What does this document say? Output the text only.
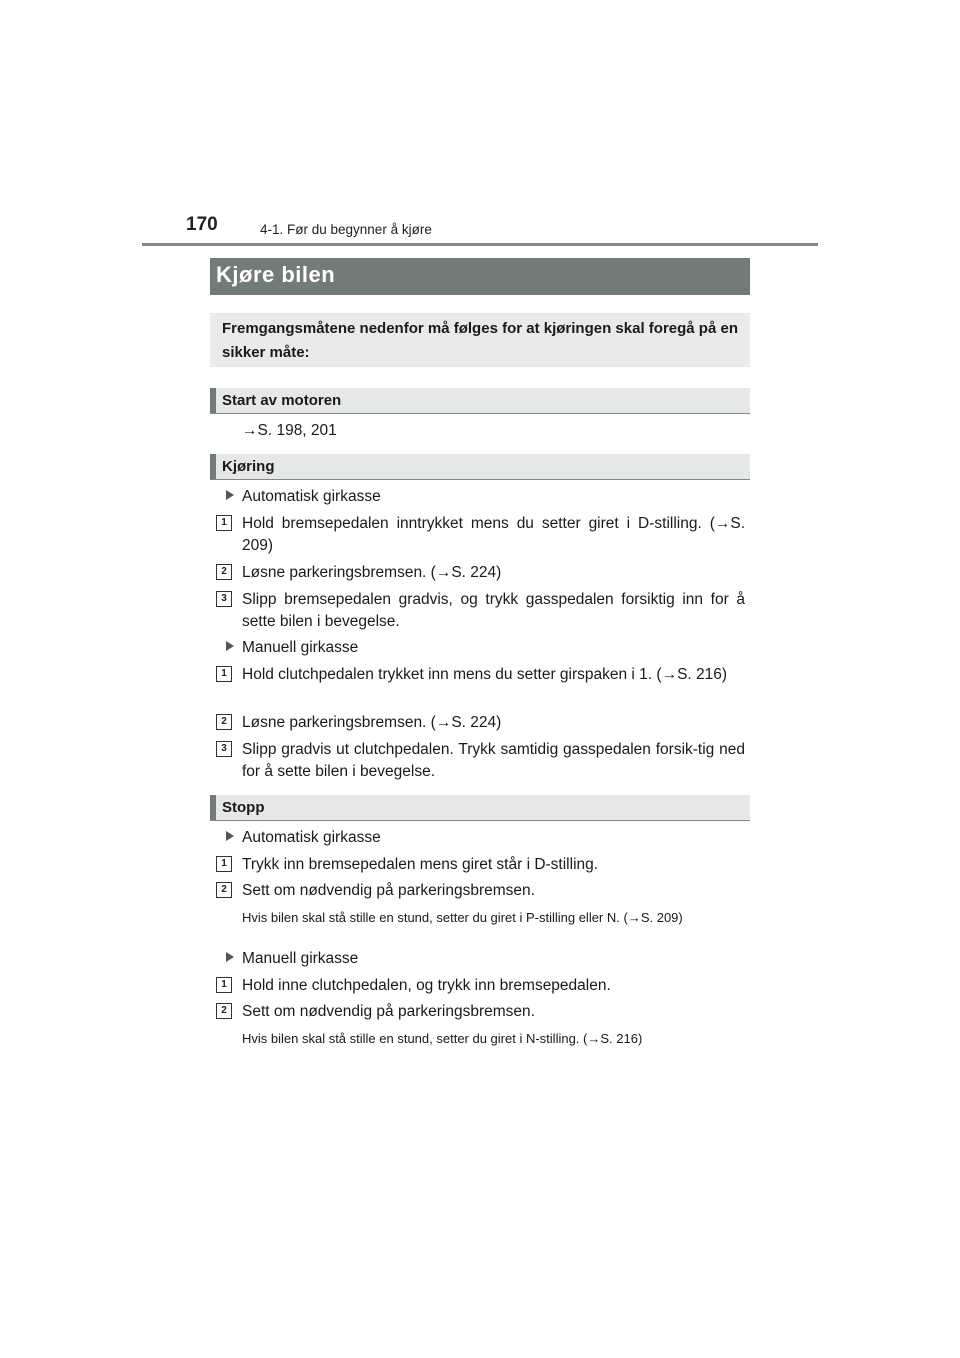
170	4-1. Før du begynner å kjøre
Kjøre bilen

Fremgangsmåtene nedenfor må følges for at kjøringen skal foregå på en sikker måte:

Start av motoren
→S. 198, 201
Kjøring
Automatisk girkasse
1 Hold bremsepedalen inntrykket mens du setter giret i D-stilling. (→S. 209)
2 Løsne parkeringsbremsen. (→S. 224)
3 Slipp bremsepedalen gradvis, og trykk gasspedalen forsiktig inn for å sette bilen i bevegelse.
Manuell girkasse
1 Hold clutchpedalen trykket inn mens du setter girspaken i 1. (→S. 216)
2 Løsne parkeringsbremsen. (→S. 224)
3 Slipp gradvis ut clutchpedalen. Trykk samtidig gasspedalen forsik-tig ned for å sette bilen i bevegelse.
Stopp
Automatisk girkasse
1 Trykk inn bremsepedalen mens giret står i D-stilling.
2 Sett om nødvendig på parkeringsbremsen.
Hvis bilen skal stå stille en stund, setter du giret i P-stilling eller N. (→S. 209)
Manuell girkasse
1 Hold inne clutchpedalen, og trykk inn bremsepedalen.
2 Sett om nødvendig på parkeringsbremsen.
Hvis bilen skal stå stille en stund, setter du giret i N-stilling. (→S. 216)
